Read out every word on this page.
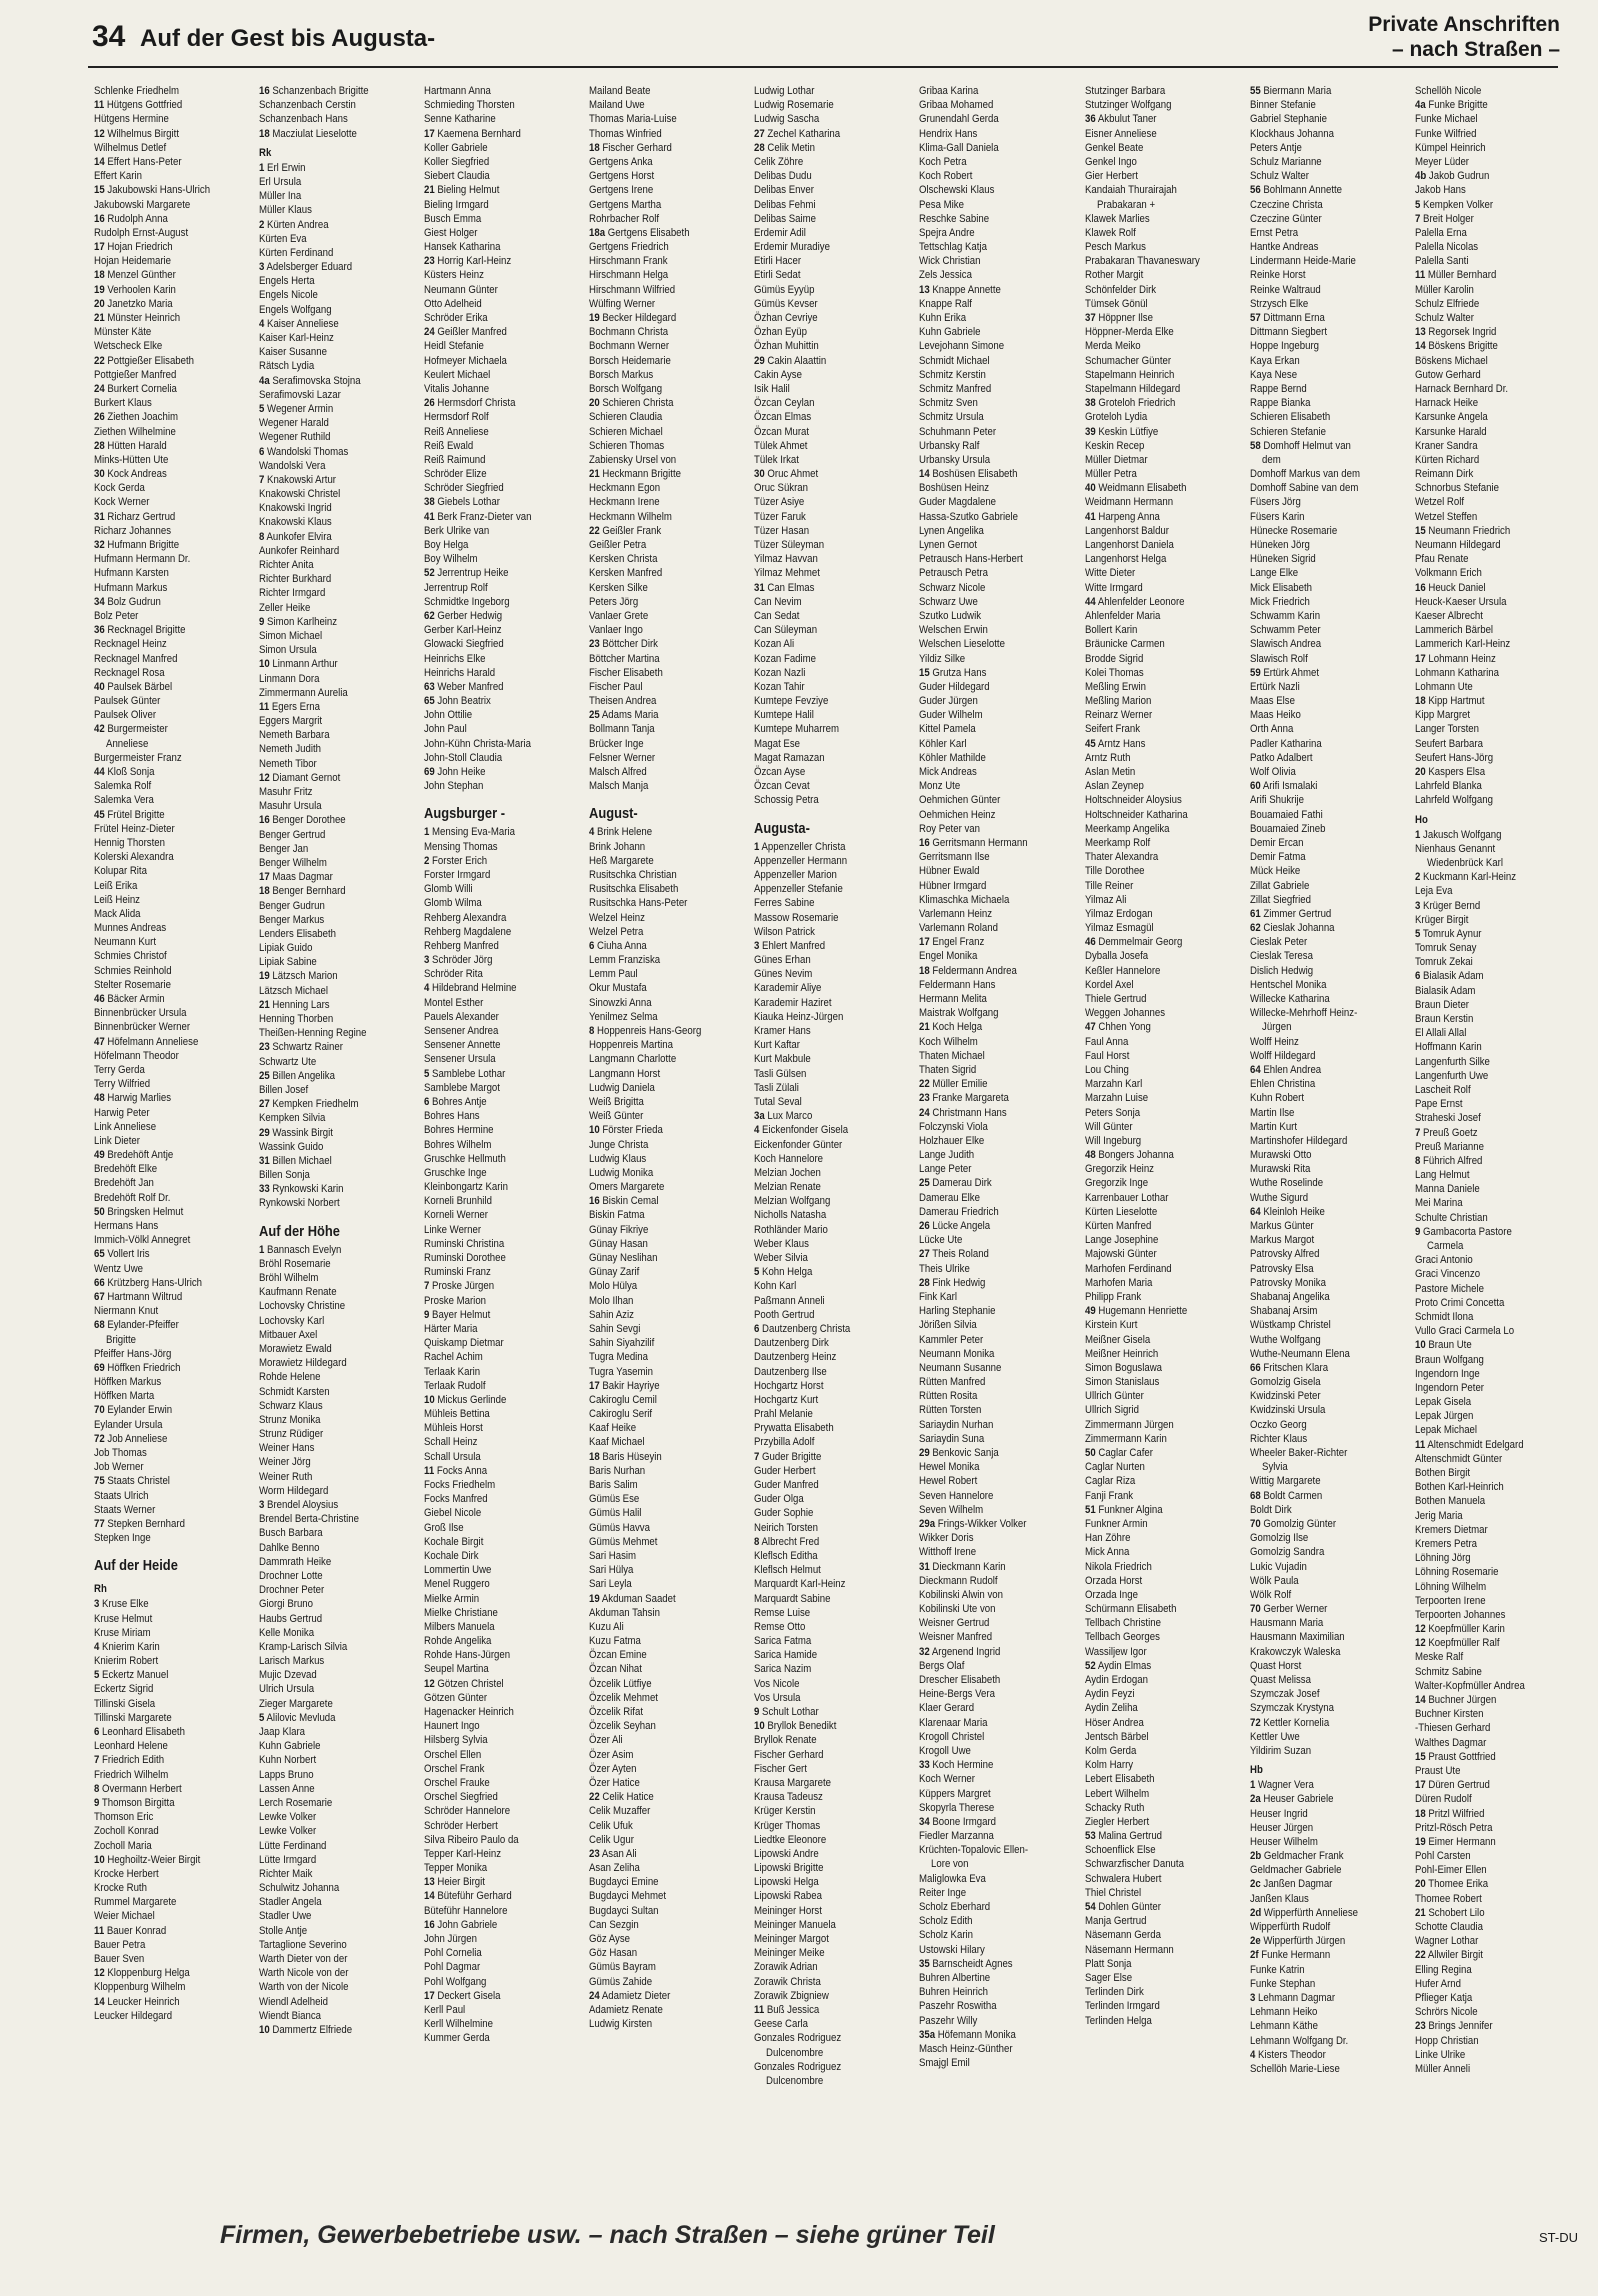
34 Auf der Gest bis Augusta-
Private Anschriften
– nach Straßen –
Schlenke Friedhelm
11 Hütgens Gottfried
Hütgens Hermine
12 Wilhelmus Birgitt
Wilhelmus Detlef
14 Effert Hans-Peter
Effert Karin
15 Jakubowski Hans-Ulrich
Jakubowski Margarete
16 Rudolph Anna
Rudolph Ernst-August
17 Hojan Friedrich
Hojan Heidemarie
18 Menzel Günther
19 Verhoolen Karin
20 Janetzko Maria
21 Münster Heinrich
Münster Käte
Wetscheck Elke
22 Pottgießer Elisabeth
Pottgießer Manfred
24 Burkert Cornelia
Burkert Klaus
26 Ziethen Joachim
Ziethen Wilhelmine
28 Hütten Harald
Minks-Hütten Ute
30 Kock Andreas
Kock Gerda
Kock Werner
31 Richarz Gertrud
Richarz Johannes
32 Hufmann Brigitte
Hufmann Hermann Dr.
Hufmann Karsten
Hufmann Markus
34 Bolz Gudrun
Bolz Peter
36 Recknagel Brigitte
Recknagel Heinz
Recknagel Manfred
Recknagel Rosa
40 Paulsek Bärbel
Paulsek Günter
Paulsek Oliver
42 Burgermeister
Anneliese
Burgermeister Franz
44 Kloß Sonja
Salemka Rolf
Salemka Vera
45 Frütel Brigitte
Frütel Heinz-Dieter
Hennig Thorsten
Kolerski Alexandra
Kolupar Rita
Leiß Erika
Leiß Heinz
Mack Alida
Munnes Andreas
Neumann Kurt
Schmies Christof
Schmies Reinhold
Stelter Rosemarie
46 Bäcker Armin
Binnenbrücker Ursula
Binnenbrücker Werner
47 Höfelmann Anneliese
Höfelmann Theodor
Terry Gerda
Terry Wilfried
48 Harwig Marlies
Harwig Peter
Link Anneliese
Link Dieter
49 Bredehöft Antje
Bredehöft Elke
Bredehöft Jan
Bredehöft Rolf Dr.
50 Bringsken Helmut
Hermans Hans
Immich-Völkl Annegret
65 Vollert Iris
Wentz Uwe
66 Krützberg Hans-Ulrich
67 Hartmann Wiltrud
Niermann Knut
68 Eylander-Pfeiffer
Brigitte
Pfeiffer Hans-Jörg
69 Höffken Friedrich
Höffken Markus
Höffken Marta
70 Eylander Erwin
Eylander Ursula
72 Job Anneliese
Job Thomas
Job Werner
75 Staats Christel
Staats Ulrich
Staats Werner
77 Stepken Bernhard
Stepken Inge
Auf der Heide
Rh
3 Kruse Elke
Kruse Helmut
Kruse Miriam
4 Knierim Karin
Knierim Robert
5 Eckertz Manuel
Eckertz Sigrid
Tillinski Gisela
Tillinski Margarete
6 Leonhard Elisabeth
Leonhard Helene
7 Friedrich Edith
Friedrich Wilhelm
8 Overmann Herbert
9 Thomson Birgitta
Thomson Eric
Zocholl Konrad
Zocholl Maria
10 Heghoiltz-Weier Birgit
Krocke Herbert
Krocke Ruth
Rummel Margarete
Weier Michael
11 Bauer Konrad
Bauer Petra
Bauer Sven
12 Kloppenburg Helga
Kloppenburg Wilhelm
14 Leucker Heinrich
Leucker Hildegard
16 Schanzenbach Brigitte
Schanzenbach Cerstin
Schanzenbach Hans
18 Macziulat Lieselotte
Rk
1 Erl Erwin
Erl Ursula
Müller Ina
Müller Klaus
2 Kürten Andrea
Kürten Eva
Kürten Ferdinand
3 Adelsberger Eduard
Engels Herta
Engels Nicole
Engels Wolfgang
4 Kaiser Anneliese
Kaiser Karl-Heinz
Kaiser Susanne
Rätsch Lydia
4a Serafimovska Stojna
Serafimovski Lazar
5 Wegener Armin
Wegener Harald
Wegener Ruthild
6 Wandolski Thomas
Wandolski Vera
7 Knakowski Artur
Knakowski Christel
Knakowski Ingrid
Knakowski Klaus
8 Aunkofer Elvira
Aunkofer Reinhard
Richter Anita
Richter Burkhard
Richter Irmgard
Zeller Heike
9 Simon Karlheinz
Simon Michael
Simon Ursula
10 Linmann Arthur
Linmann Dora
Zimmermann Aurelia
11 Egers Erna
Eggers Margrit
Nemeth Barbara
Nemeth Judith
Nemeth Tibor
12 Diamant Gernot
Masuhr Fritz
Masuhr Ursula
16 Benger Dorothee
Benger Gertrud
Benger Jan
Benger Wilhelm
17 Maas Dagmar
18 Benger Bernhard
Benger Gudrun
Benger Markus
Lenders Elisabeth
Lipiak Guido
Lipiak Sabine
19 Lätzsch Marion
Lätzsch Michael
21 Henning Lars
Henning Thorben
Theißen-Henning Regine
23 Schwartz Rainer
Schwartz Ute
25 Billen Angelika
Billen Josef
27 Kempken Friedhelm
Kempken Silvia
29 Wassink Birgit
Wassink Guido
31 Billen Michael
Billen Sonja
33 Rynkowski Karin
Rynkowski Norbert
Auf der Höhe
1 Bannasch Evelyn
Bröhl Rosemarie
Bröhl Wilhelm
Kaufmann Renate
Lochovsky Christine
Lochovsky Karl
Mitbauer Axel
Morawietz Ewald
Morawietz Hildegard
Rohde Helene
Schmidt Karsten
Schwarz Klaus
Strunz Monika
Strunz Rüdiger
Weiner Hans
Weiner Jörg
Weiner Ruth
Worm Hildegard
3 Brendel Aloysius
Brendel Berta-Christine
Busch Barbara
Dahlke Benno
Dammrath Heike
Drochner Lotte
Drochner Peter
Giorgi Bruno
Haubs Gertrud
Kelle Monika
Kramp-Larisch Silvia
Larisch Markus
Mujic Dzevad
Ulrich Ursula
Zieger Margarete
5 Alilovic Mevluda
Jaap Klara
Kuhn Gabriele
Kuhn Norbert
Lapps Bruno
Lassen Anne
Lerch Rosemarie
Lewke Volker
Lewke Volker
Lütte Ferdinand
Lütte Irmgard
Richter Maik
Schulwitz Johanna
Stadler Angela
Stadler Uwe
Stolle Antje
Tartaglione Severino
Warth Dieter von der
Warth Nicole von der
Warth von der Nicole
Wiendl Adelheid
Wiendt Bianca
10 Dammertz Elfriede
Hartmann Anna
Schmieding Thorsten
Senne Katharine
17 Kaemena Bernhard
Koller Gabriele
Koller Siegfried
Siebert Claudia
21 Bieling Helmut
Bieling Irmgard
Busch Emma
Giest Holger
Hansek Katharina
23 Horrig Karl-Heinz
Küsters Heinz
Neumann Günter
Otto Adelheid
Schröder Erika
24 Geißler Manfred
Heidl Stefanie
Hofmeyer Michaela
Keulert Michael
Vitalis Johanne
26 Hermsdorf Christa
Hermsdorf Rolf
Reiß Anneliese
Reiß Ewald
Reiß Raimund
Schröder Elize
Schröder Siegfried
38 Giebels Lothar
41 Berk Franz-Dieter van
Berk Ulrike van
Boy Helga
Boy Wilhelm
52 Jerrentrup Heike
Jerrentrup Rolf
Schmidtke Ingeborg
62 Gerber Hedwig
Gerber Karl-Heinz
Glowacki Siegfried
Heinrichs Elke
Heinrichs Harald
63 Weber Manfred
65 John Beatrix
John Ottilie
John Paul
John-Kühn Christa-Maria
John-Stoll Claudia
69 John Heike
John Stephan
Augsburger -
1 Mensing Eva-Maria
Mensing Thomas
2 Forster Erich
Forster Irmgard
Glomb Willi
Glomb Wilma
Rehberg Alexandra
Rehberg Magdalene
Rehberg Manfred
3 Schröder Jörg
Schröder Rita
4 Hildebrand Helmine
Montel Esther
Pauels Alexander
Sensener Andrea
Sensener Annette
Sensener Ursula
5 Samblebe Lothar
Samblebe Margot
6 Bohres Antje
Bohres Hans
Bohres Hermine
Bohres Wilhelm
Gruschke Hellmuth
Gruschke Inge
Kleinbongartz Karin
Korneli Brunhild
Korneli Werner
Linke Werner
Ruminski Christina
Ruminski Dorothee
Ruminski Franz
7 Proske Jürgen
Proske Marion
9 Bayer Helmut
Härter Maria
Quiskamp Dietmar
Rachel Achim
Terlaak Karin
Terlaak Rudolf
10 Mickus Gerlinde
Mühleis Bettina
Mühleis Horst
Schall Heinz
Schall Ursula
11 Focks Anna
Focks Friedhelm
Focks Manfred
Giebel Nicole
Groß Ilse
Kochale Birgit
Kochale Dirk
Lommertin Uwe
Menel Ruggero
Mielke Armin
Mielke Christiane
Milbers Manuela
Rohde Angelika
Rohde Hans-Jürgen
Seupel Martina
12 Götzen Christel
Götzen Günter
Hagenacker Heinrich
Haunert Ingo
Hilsberg Sylvia
Orschel Ellen
Orschel Frank
Orschel Frauke
Orschel Siegfried
Schröder Hannelore
Schröder Herbert
Silva Ribeiro Paulo da
Tepper Karl-Heinz
Tepper Monika
13 Heier Birgit
14 Büteführ Gerhard
Büteführ Hannelore
16 John Gabriele
John Jürgen
Pohl Cornelia
Pohl Dagmar
Pohl Wolfgang
17 Deckert Gisela
Kerll Paul
Kerll Wilhelmine
Kummer Gerda
Mailand Beate
Mailand Uwe
Thomas Maria-Luise
Thomas Winfried
18 Fischer Gerhard
Gertgens Anka
Gertgens Horst
Gertgens Irene
Gertgens Martha
Rohrbacher Rolf
18a Gertgens Elisabeth
Gertgens Friedrich
Hirschmann Frank
Hirschmann Helga
Hirschmann Wilfried
Wülfing Werner
19 Becker Hildegard
Bochmann Christa
Bochmann Werner
Borsch Heidemarie
Borsch Markus
Borsch Wolfgang
20 Schieren Christa
Schieren Claudia
Schieren Michael
Schieren Thomas
Zabiensky Ursel von
21 Heckmann Brigitte
Heckmann Egon
Heckmann Irene
Heckmann Wilhelm
22 Geißler Frank
Geißler Petra
Kersken Christa
Kersken Manfred
Kersken Silke
Peters Jörg
Vanlaer Grete
Vanlaer Ingo
23 Böttcher Dirk
Böttcher Martina
Fischer Elisabeth
Fischer Paul
Theisen Andrea
25 Adams Maria
Bollmann Tanja
Brücker Inge
Felsner Werner
Malsch Alfred
Malsch Manja
August-
4 Brink Helene
Brink Johann
Heß Margarete
Rusitschka Christian
Rusitschka Elisabeth
Rusitschka Hans-Peter
Welzel Heinz
Welzel Petra
6 Ciuha Anna
Lemm Franziska
Lemm Paul
Okur Mustafa
Sinowzki Anna
Yenilmez Selma
8 Hoppenreis Hans-Georg
Hoppenreis Martina
Langmann Charlotte
Langmann Horst
Ludwig Daniela
Weiß Brigitta
Weiß Günter
10 Förster Frieda
Junge Christa
Ludwig Klaus
Ludwig Monika
Omers Margarete
16 Biskin Cemal
Biskin Fatma
Günay Fikriye
Günay Hasan
Günay Neslihan
Günay Zarif
Molo Hülya
Molo Ilhan
Sahin Aziz
Sahin Sevgi
Sahin Siyahzilif
Tugra Medina
Tugra Yasemin
17 Bakir Hayriye
Cakiroglu Cemil
Cakiroglu Serif
Kaaf Heike
Kaaf Michael
18 Baris Hüseyin
Baris Nurhan
Baris Salim
Gümüs Ese
Gümüs Halil
Gümüs Havva
Gümüs Mehmet
Sari Hasim
Sari Hülya
Sari Leyla
19 Akduman Saadet
Akduman Tahsin
Kuzu Ali
Kuzu Fatma
Özcan Emine
Özcan Nihat
Özcelik Lütfiye
Özcelik Mehmet
Özcelik Rifat
Özcelik Seyhan
Özer Ali
Özer Asim
Özer Ayten
Özer Hatice
22 Celik Hatice
Celik Muzaffer
Celik Ufuk
Celik Ugur
23 Asan Ali
Asan Zeliha
Bugdayci Emine
Bugdayci Mehmet
Bugdayci Sultan
Can Sezgin
Göz Ayse
Göz Hasan
Gümüs Bayram
Gümüs Zahide
24 Adamietz Dieter
Adamietz Renate
Ludwig Kirsten
Ludwig Lothar
Ludwig Rosemarie
Ludwig Sascha
27 Zechel Katharina
28 Celik Metin
Celik Zöhre
Delibas Dudu
Delibas Enver
Delibas Fehmi
Delibas Saime
Erdemir Adil
Erdemir Muradiye
Etirli Hacer
Etirli Sedat
Gümüs Eyyüp
Gümüs Kevser
Özhan Cevriye
Özhan Eyüp
Özhan Muhittin
29 Cakin Alaattin
Cakin Ayse
Isik Halil
Özcan Ceylan
Özcan Elmas
Özcan Murat
Tülek Ahmet
Tülek Irkat
30 Oruc Ahmet
Oruc Sükran
Tüzer Asiye
Tüzer Faruk
Tüzer Hasan
Tüzer Süleyman
Yilmaz Havvan
Yilmaz Mehmet
31 Can Elmas
Can Nevim
Can Sedat
Can Süleyman
Kozan Ali
Kozan Fadime
Kozan Nazli
Kozan Tahir
Kumtepe Fevziye
Kumtepe Halil
Kumtepe Muharrem
Magat Ese
Magat Ramazan
Özcan Ayse
Özcan Cevat
Schossig Petra
Augusta-
1 Appenzeller Christa
Appenzeller Hermann
Appenzeller Marion
Appenzeller Stefanie
Ferres Sabine
Massow Rosemarie
Wilson Patrick
3 Ehlert Manfred
Günes Erhan
Günes Nevim
Karademir Aliye
Karademir Haziret
Kiauka Heinz-Jürgen
Kramer Hans
Kurt Kaftar
Kurt Makbule
Tasli Gülsen
Tasli Zülali
Tutal Seval
3a Lux Marco
4 Eickenfonder Gisela
Eickenfonder Günter
Koch Hannelore
Melzian Jochen
Melzian Renate
Melzian Wolfgang
Nicholls Natasha
Rothländer Mario
Weber Klaus
Weber Silvia
5 Kohn Helga
Kohn Karl
Paßmann Anneli
Pooth Gertrud
6 Dautzenberg Christa
Dautzenberg Dirk
Dautzenberg Heinz
Dautzenberg Ilse
Hochgartz Horst
Hochgartz Kurt
Prahl Melanie
Prywatta Elisabeth
Przybilla Adolf
7 Guder Brigitte
Guder Herbert
Guder Manfred
Guder Olga
Guder Sophie
Neirich Torsten
8 Albrecht Fred
Kleflsch Editha
Kleflsch Helmut
Marquardt Karl-Heinz
Marquardt Sabine
Remse Luise
Remse Otto
Sarica Fatma
Sarica Hamide
Sarica Nazim
Vos Nicole
Vos Ursula
9 Schult Lothar
10 Bryllok Benedikt
Bryllok Renate
Fischer Gerhard
Fischer Gert
Krausa Margarete
Krausa Tadeusz
Krüger Kerstin
Krüger Thomas
Liedtke Eleonore
Lipowski Andre
Lipowski Brigitte
Lipowski Helga
Lipowski Rabea
Meininger Horst
Meininger Manuela
Meininger Margot
Meininger Meike
Zorawik Adrian
Zorawik Christa
Zorawik Zbigniew
11 Buß Jessica
Geese Carla
Gonzales Rodriguez
Dulcenombre
Gonzales Rodriguez
Dulcenombre
Gribaa Karina
Gribaa Mohamed
Grunendahl Gerda
Hendrix Hans
Klima-Gall Daniela
Koch Petra
Koch Robert
Olschewski Klaus
Pesa Mike
Reschke Sabine
Spejra Andre
Tettschlag Katja
Wick Christian
Zels Jessica
13 Knappe Annette
Knappe Ralf
Kuhn Erika
Kuhn Gabriele
Levejohann Simone
Schmidt Michael
Schmitz Kerstin
Schmitz Manfred
Schmitz Sven
Schmitz Ursula
Schuhmann Peter
Urbansky Ralf
Urbansky Ursula
14 Boshüsen Elisabeth
Boshüsen Heinz
Guder Magdalene
Hassa-Szutko Gabriele
Lynen Angelika
Lynen Gernot
Petrausch Hans-Herbert
Petrausch Petra
Schwarz Nicole
Schwarz Uwe
Szutko Ludwik
Welschen Erwin
Welschen Lieselotte
Yildiz Silke
15 Grutza Hans
Guder Hildegard
Guder Jürgen
Guder Wilhelm
Kittel Pamela
Köhler Karl
Köhler Mathilde
Mick Andreas
Monz Ute
Oehmichen Günter
Oehmichen Heinz
Roy Peter van
16 Gerritsmann Hermann
Gerritsmann Ilse
Hübner Ewald
Hübner Irmgard
Klimaschka Michaela
Varlemann Heinz
Varlemann Roland
17 Engel Franz
Engel Monika
18 Feldermann Andrea
Feldermann Hans
Hermann Melita
Maistrak Wolfgang
21 Koch Helga
Koch Wilhelm
Thaten Michael
Thaten Sigrid
22 Müller Emilie
23 Franke Margareta
24 Christmann Hans
Folczynski Viola
Holzhauer Elke
Lange Judith
Lange Peter
25 Damerau Dirk
Damerau Elke
Damerau Friedrich
26 Lücke Angela
Lücke Ute
27 Theis Roland
Theis Ulrike
28 Fink Hedwig
Fink Karl
Harling Stephanie
Jörißen Silvia
Kammler Peter
Neumann Monika
Neumann Susanne
Rütten Manfred
Rütten Rosita
Rütten Torsten
Sariaydin Nurhan
Sariaydin Suna
29 Benkovic Sanja
Hewel Monika
Hewel Robert
Seven Hannelore
Seven Wilhelm
29a Frings-Wikker Volker
Wikker Doris
Witthoff Irene
31 Dieckmann Karin
Dieckmann Rudolf
Kobilinski Alwin von
Kobilinski Ute von
Weisner Gertrud
Weisner Manfred
32 Argenend Ingrid
Bergs Olaf
Drescher Elisabeth
Heine-Bergs Vera
Klaer Gerard
Klarenaar Maria
Krogoll Christel
Krogoll Uwe
33 Koch Hermine
Koch Werner
Küppers Margret
Skopyrla Therese
34 Boone Irmgard
Fiedler Marzanna
Krüchten-Topalovic Ellen-
Lore von
Maliglowka Eva
Reiter Inge
Scholz Eberhard
Scholz Edith
Scholz Karin
Ustowski Hilary
35 Barnscheidt Agnes
Buhren Albertine
Buhren Heinrich
Paszehr Roswitha
Paszehr Willy
35a Höfemann Monika
Masch Heinz-Günther
Smajgl Emil
Stutzinger Barbara
Stutzinger Wolfgang
36 Akbulut Taner
Eisner Anneliese
Genkel Beate
Genkel Ingo
Gier Herbert
Kandaiah Thurairajah
Prabakaran +
Klawek Marlies
Klawek Rolf
Pesch Markus
Prabakaran Thavaneswary
Rother Margit
Schönfelder Dirk
Tümsek Gönül
37 Höppner Ilse
Höppner-Merda Elke
Merda Meiko
Schumacher Günter
Stapelmann Heinrich
Stapelmann Hildegard
38 Groteloh Friedrich
Groteloh Lydia
39 Keskin Lütfiye
Keskin Recep
Müller Dietmar
Müller Petra
40 Weidmann Elisabeth
Weidmann Hermann
41 Harpeng Anna
Langenhorst Baldur
Langenhorst Daniela
Langenhorst Helga
Witte Dieter
Witte Irmgard
44 Ahlenfelder Leonore
Ahlenfelder Maria
Bollert Karin
Bräunicke Carmen
Brodde Sigrid
Kolei Thomas
Meßling Erwin
Meßling Marion
Reinarz Werner
Seifert Frank
45 Arntz Hans
Arntz Ruth
Aslan Metin
Aslan Zeynep
Holtschneider Aloysius
Holtschneider Katharina
Meerkamp Angelika
Meerkamp Rolf
Thater Alexandra
Tille Dorothee
Tille Reiner
Yilmaz Ali
Yilmaz Erdogan
Yilmaz Esmagül
46 Demmelmair Georg
Dyballa Josefa
Keßler Hannelore
Kordel Axel
Thiele Gertrud
Weggen Johannes
47 Chhen Yong
Faul Anna
Faul Horst
Lou Ching
Marzahn Karl
Marzahn Luise
Peters Sonja
Will Günter
Will Ingeburg
48 Bongers Johanna
Gregorzik Heinz
Gregorzik Inge
Karrenbauer Lothar
Kürten Lieselotte
Kürten Manfred
Lange Josephine
Majowski Günter
Marhofen Ferdinand
Marhofen Maria
Philipp Frank
49 Hugemann Henriette
Kirstein Kurt
Meißner Gisela
Meißner Heinrich
Simon Boguslawa
Simon Stanislaus
Ullrich Günter
Ullrich Sigrid
Zimmermann Jürgen
Zimmermann Karin
50 Caglar Cafer
Caglar Nurten
Caglar Riza
Fanji Frank
51 Funkner Algina
Funkner Armin
Han Zöhre
Mick Anna
Nikola Friedrich
Orzada Horst
Orzada Inge
Schürmann Elisabeth
Tellbach Christine
Tellbach Georges
Wassiljew Igor
52 Aydin Elmas
Aydin Erdogan
Aydin Feyzi
Aydin Zeliha
Höser Andrea
Jentsch Bärbel
Kolm Gerda
Kolm Harry
Lebert Elisabeth
Lebert Wilhelm
Schacky Ruth
Ziegler Herbert
53 Malina Gertrud
Schoenflick Else
Schwarzfischer Danuta
Schwalera Hubert
Thiel Christel
54 Dohlen Günter
Manja Gertrud
Näsemann Gerda
Näsemann Hermann
Platt Sonja
Sager Else
Terlinden Dirk
Terlinden Irmgard
Terlinden Helga
55 Biermann Maria
Binner Stefanie
Gabriel Stephanie
Klockhaus Johanna
Peters Antje
Schulz Marianne
Schulz Walter
56 Bohlmann Annette
Czeczine Christa
Czeczine Günter
Ernst Petra
Hantke Andreas
Lindermann Heide-Marie
Reinke Horst
Reinke Waltraud
Strzysch Elke
57 Dittmann Erna
Dittmann Siegbert
Hoppe Ingeburg
Kaya Erkan
Kaya Nese
Rappe Bernd
Rappe Bianka
Schieren Elisabeth
Schieren Stefanie
58 Domhoff Helmut van
dem
Domhoff Markus van dem
Domhoff Sabine van dem
Füsers Jörg
Füsers Karin
Hünecke Rosemarie
Hüneken Jörg
Hüneken Sigrid
Lange Elke
Mick Elisabeth
Mick Friedrich
Schwamm Karin
Schwamm Peter
Slawisch Andrea
Slawisch Rolf
59 Ertürk Ahmet
Ertürk Nazli
Maas Else
Maas Heiko
Orth Anna
Padler Katharina
Patko Adalbert
Wolf Olivia
60 Arifi Ismalaki
Arifi Shukrije
Bouamaied Fathi
Bouamaied Zineb
Demir Ercan
Demir Fatma
Mück Heike
Zillat Gabriele
Zillat Siegfried
61 Zimmer Gertrud
62 Cieslak Johanna
Cieslak Peter
Cieslak Teresa
Dislich Hedwig
Hentschel Monika
Willecke Katharina
Willecke-Mehrhoff Heinz-
Jürgen
Wolff Heinz
Wolff Hildegard
64 Ehlen Andrea
Ehlen Christina
Kuhn Robert
Martin Ilse
Martin Kurt
Martinshofer Hildegard
Murawski Otto
Murawski Rita
Wuthe Roselinde
Wuthe Sigurd
64 Kleinloh Heike
Markus Günter
Markus Margot
Patrovsky Alfred
Patrovsky Elsa
Patrovsky Monika
Shabanaj Angelika
Shabanaj Arsim
Wüstkamp Christel
Wuthe Wolfgang
Wuthe-Neumann Elena
66 Fritschen Klara
Gomolzig Gisela
Kwidzinski Peter
Kwidzinski Ursula
Oczko Georg
Richter Klaus
Wheeler Baker-Richter
Sylvia
Wittig Margarete
68 Boldt Carmen
Boldt Dirk
70 Gomolzig Günter
Gomolzig Ilse
Gomolzig Sandra
Lukic Vujadin
Wölk Paula
Wölk Rolf
70 Gerber Werner
Hausmann Maria
Hausmann Maximilian
Krakowczyk Waleska
Quast Horst
Quast Melissa
Szymczak Josef
Szymczak Krystyna
72 Kettler Kornelia
Kettler Uwe
Yildirim Suzan
Hb
1 Wagner Vera
2a Heuser Gabriele
Heuser Ingrid
Heuser Jürgen
Heuser Wilhelm
2b Geldmacher Frank
Geldmacher Gabriele
2c Janßen Dagmar
Janßen Klaus
2d Wipperfürth Anneliese
Wipperfürth Rudolf
2e Wipperfürth Jürgen
2f Funke Hermann
Funke Katrin
Funke Stephan
3 Lehmann Dagmar
Lehmann Heiko
Lehmann Käthe
Lehmann Wolfgang Dr.
4 Kisters Theodor
Schellöh Marie-Liese
Schellöh Nicole
4a Funke Brigitte
Funke Michael
Funke Wilfried
Kümpel Heinrich
Meyer Lüder
4b Jakob Gudrun
Jakob Hans
5 Kempken Volker
7 Breit Holger
Palella Erna
Palella Nicolas
Palella Santi
11 Müller Bernhard
Müller Karolin
Schulz Elfriede
Schulz Walter
13 Regorsek Ingrid
14 Böskens Brigitte
Böskens Michael
Gutow Gerhard
Harnack Bernhard Dr.
Harnack Heike
Karsunke Angela
Karsunke Harald
Kraner Sandra
Kürten Richard
Reimann Dirk
Schnorbus Stefanie
Wetzel Rolf
Wetzel Steffen
15 Neumann Friedrich
Neumann Hildegard
Pfau Renate
Volkmann Erich
16 Heuck Daniel
Heuck-Kaeser Ursula
Kaeser Albrecht
Lammerich Bärbel
Lammerich Karl-Heinz
17 Lohmann Heinz
Lohmann Katharina
Lohmann Ute
18 Kipp Hartmut
Kipp Margret
Langer Torsten
Seufert Barbara
Seufert Hans-Jörg
20 Kaspers Elsa
Lahrfeld Blanka
Lahrfeld Wolfgang
Ho
1 Jakusch Wolfgang
Nienhaus Genannt
Wiedenbrück Karl
2 Kuckmann Karl-Heinz
Leja Eva
3 Krüger Bernd
Krüger Birgit
5 Tomruk Aynur
Tomruk Senay
Tomruk Zekai
6 Bialasik Adam
Bialasik Adam
Braun Dieter
Braun Kerstin
El Allali Allal
Hoffmann Karin
Langenfurth Silke
Langenfurth Uwe
Lascheit Rolf
Pape Ernst
Straheski Josef
7 Preuß Goetz
Preuß Marianne
8 Führich Alfred
Lang Helmut
Manna Daniele
Mei Marina
Schulte Christian
9 Gambacorta Pastore
Carmela
Graci Antonio
Graci Vincenzo
Pastore Michele
Proto Crimi Concetta
Schmidt Ilona
Vullo Graci Carmela Lo
10 Braun Ute
Braun Wolfgang
Ingendorn Inge
Ingendorn Peter
Lepak Gisela
Lepak Jürgen
Lepak Michael
11 Altenschmidt Edelgard
Altenschmidt Günter
Bothen Birgit
Bothen Karl-Heinrich
Bothen Manuela
Jerig Maria
Kremers Dietmar
Kremers Petra
Löhning Jörg
Löhning Rosemarie
Löhning Wilhelm
Terpoorten Irene
Terpoorten Johannes
12 Koepfmüller Karin
12 Koepfmüller Ralf
Meske Ralf
Schmitz Sabine
Walter-Kopfmüller Andrea
14 Buchner Jürgen
Buchner Kirsten
-Thiesen Gerhard
Walthes Dagmar
15 Praust Gottfried
Praust Ute
17 Düren Gertrud
Düren Rudolf
18 Pritzl Wilfried
Pritzl-Rösch Petra
19 Eimer Hermann
Pohl Carsten
Pohl-Eimer Ellen
20 Thomee Erika
Thomee Robert
21 Schobert Lilo
Schotte Claudia
Wagner Lothar
22 Allwiler Birgit
Elling Regina
Hufer Arnd
Pflieger Katja
Schrörs Nicole
23 Brings Jennifer
Hopp Christian
Linke Ulrike
Müller Anneli
Firmen, Gewerbebetriebe usw. – nach Straßen – siehe grüner Teil	ST-DU
